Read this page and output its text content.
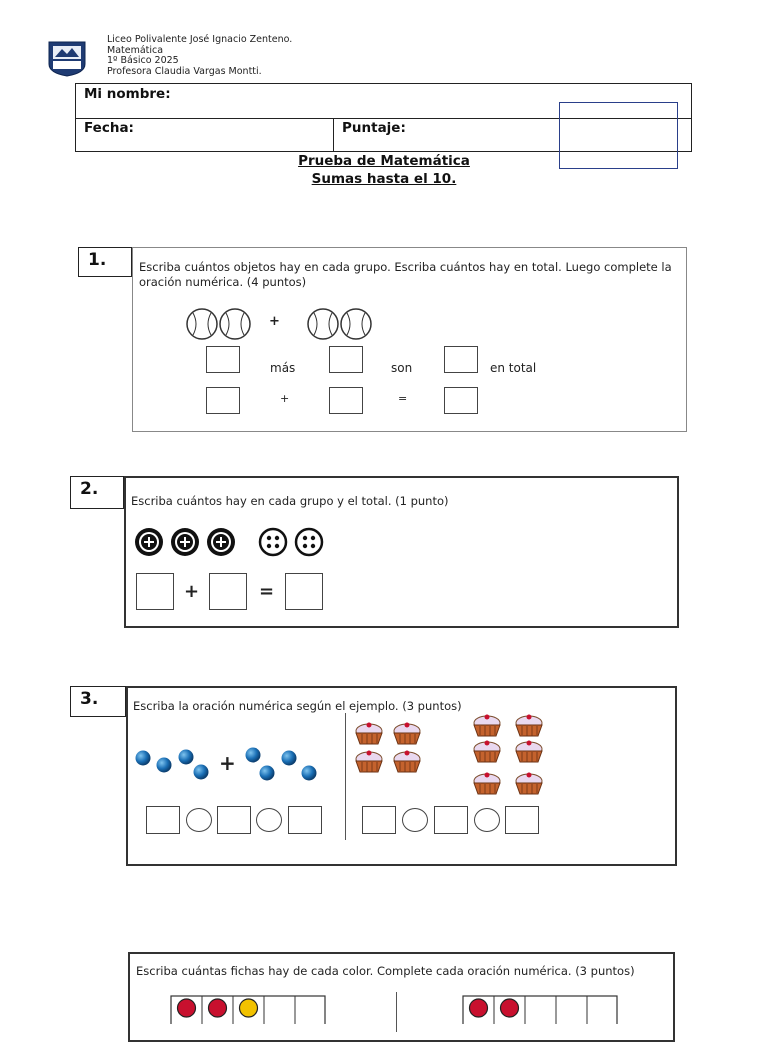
Liceo Polivalente José Ignacio Zenteno.
Matemática
1º Básico 2025
Profesora Claudia Vargas Montti.
Mi nombre:
Fecha:	Puntaje:
Prueba de Matemática
Sumas hasta el 10.
1.	Escriba cuántos objetos hay en cada grupo. Escriba cuántos hay en total. Luego complete la oración numérica. (4 puntos)
+
más	son	en total
+	=
2.
Escriba cuántos hay en cada grupo y el total. (1 punto)
+	=
3.	Escriba la oración numérica según el ejemplo. (3 puntos)
+
Escriba cuántas fichas hay de cada color. Complete cada oración numérica. (3 puntos)
